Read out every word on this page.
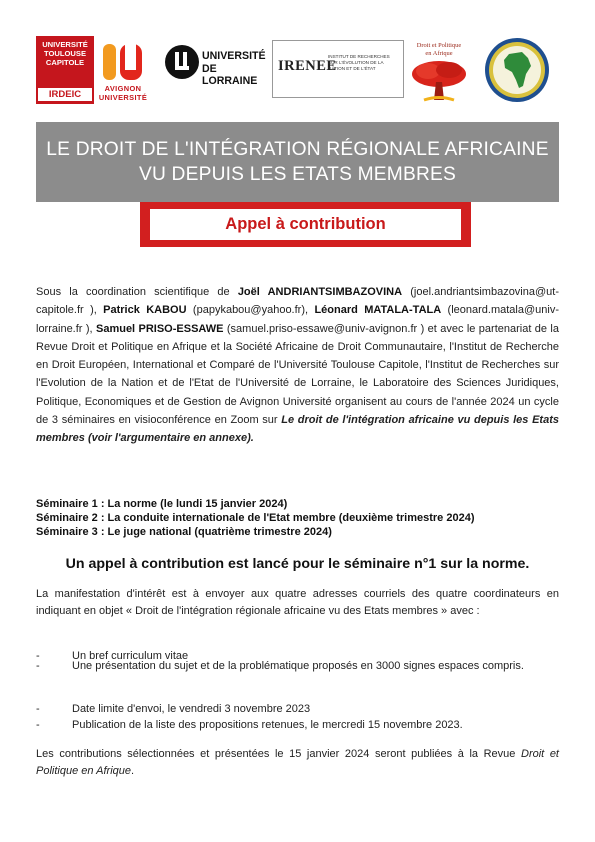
UNIVERSITÉ
TOULOUSE
CAPITOLE
IRDEIC
AVIGNON
UNIVERSITÉ
UNIVERSITÉ
DE LORRAINE
IRENEE
INSTITUT DE RECHERCHES SUR L'ÉVOLUTION DE LA NATION ET DE L'ÉTAT
Droit et Politique
en Afrique
LE DROIT DE L'INTÉGRATION RÉGIONALE AFRICAINE
VU DEPUIS LES ETATS MEMBRES
Appel à contribution
Sous la coordination scientifique de Joël ANDRIANTSIMBAZOVINA (joel.andriantsimbazovina@ut-capitole.fr ), Patrick KABOU (papykabou@yahoo.fr), Léonard MATALA-TALA (leonard.matala@univ-lorraine.fr ), Samuel PRISO-ESSAWE (samuel.priso-essawe@univ-avignon.fr ) et avec le partenariat de la Revue Droit et Politique en Afrique et la Société Africaine de Droit Communautaire, l'Institut de Recherche en Droit Européen, International et Comparé de l'Université Toulouse Capitole, l'Institut de Recherches sur l'Evolution de la Nation et de l'Etat de l'Université de Lorraine, le Laboratoire des Sciences Juridiques, Politique, Economiques et de Gestion de Avignon Université organisent au cours de l'année 2024 un cycle de 3 séminaires en visioconférence en Zoom sur Le droit de l'intégration africaine vu depuis les Etats membres (voir l'argumentaire en annexe).
Séminaire 1 : La norme (le lundi 15 janvier 2024)
Séminaire 2 : La conduite internationale de l'Etat membre (deuxième trimestre 2024)
Séminaire 3 : Le juge national (quatrième trimestre 2024)
Un appel à contribution est lancé pour le séminaire n°1 sur la norme.
La manifestation d'intérêt est à envoyer aux quatre adresses courriels des quatre coordinateurs en indiquant en objet « Droit de l'intégration régionale africaine vu des Etats membres » avec :
-	Un bref curriculum vitae
-	Une présentation du sujet et de la problématique proposés en 3000 signes espaces compris.
-	Date limite d'envoi, le vendredi 3 novembre 2023
-	Publication de la liste des propositions retenues, le mercredi 15 novembre 2023.
Les contributions sélectionnées et présentées le 15 janvier 2024 seront publiées à la Revue Droit et Politique en Afrique.
